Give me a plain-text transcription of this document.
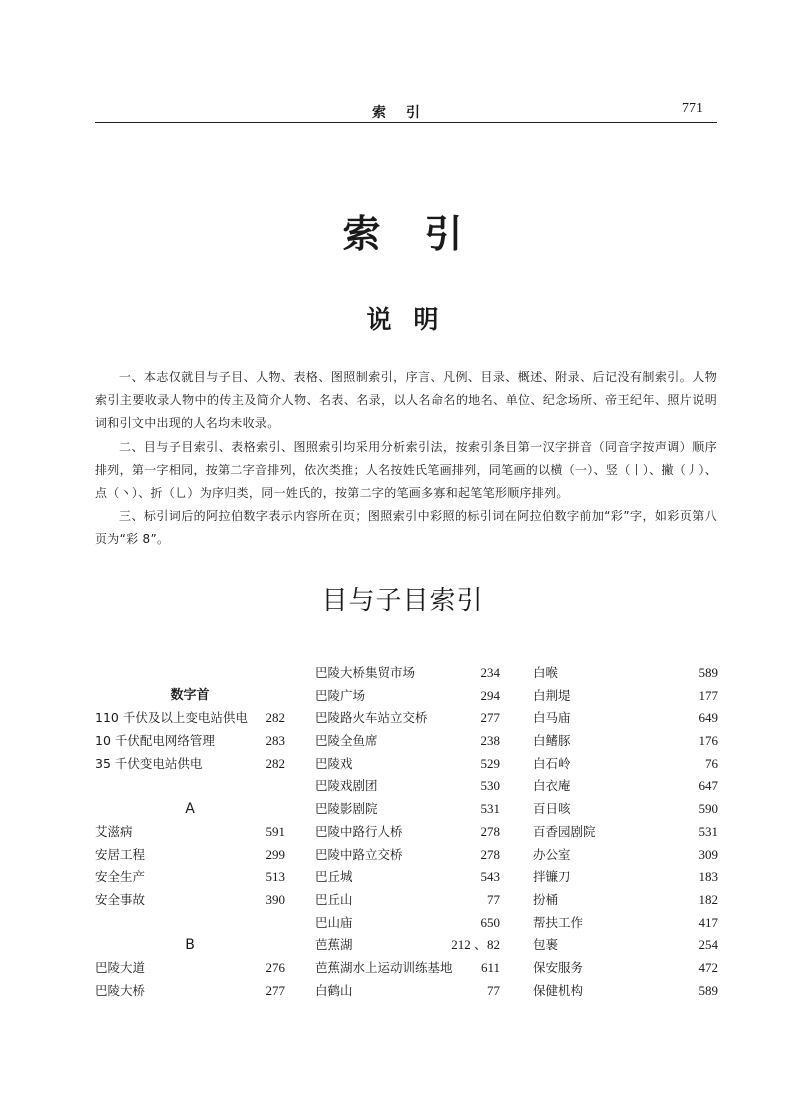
索引	771
索引
说明

一、本志仅就目与子目、人物、表格、图照制索引，序言、凡例、目录、概述、附录、后记没有制索引。人物索引主要收录人物中的传主及简介人物、名表、名录，以人名命名的地名、单位、纪念场所、帝王纪年、照片说明词和引文中出现的人名均未收录。

二、目与子目索引、表格索引、图照索引均采用分析索引法，按索引条目第一汉字拼音（同音字按声调）顺序排列，第一字相同，按第二字音排列，依次类推；人名按姓氏笔画排列，同笔画的以横（一）、竖（丨）、撇（丿）、点（丶）、折（乚）为序归类，同一姓氏的，按第二字的笔画多寡和起笔笔形顺序排列。

三、标引词后的阿拉伯数字表示内容所在页；图照索引中彩照的标引词在阿拉伯数字前加“彩”字，如彩页第八页为“彩 8”。

目与子目索引
数字首
110 千伏及以上变电站供电 282
10 千伏配电网络管理	283
35 千伏变电站供电	282
A
艾滋病	591
安居工程	299
安全生产	513
安全事故	390
B
巴陵大道	276
巴陵大桥	277
巴陵大桥集贸市场	234
巴陵广场	294
巴陵路火车站立交桥	277
巴陵全鱼席	238
巴陵戏	529
巴陵戏剧团	530
巴陵影剧院	531
巴陵中路行人桥	278
巴陵中路立交桥	278
巴丘城	543
巴丘山	77
巴山庙	650
芭蕉湖	212 、82
芭蕉湖水上运动训练基地 611
白鹤山	77
白喉	589
白荆堤	177
白马庙	649
白鳍豚	176
白石岭	76
白衣庵	647
百日咳	590
百香园剧院	531
办公室	309
拌镰刀	183
扮桶	182
帮扶工作	417
包裹	254
保安服务	472
保健机构	589
